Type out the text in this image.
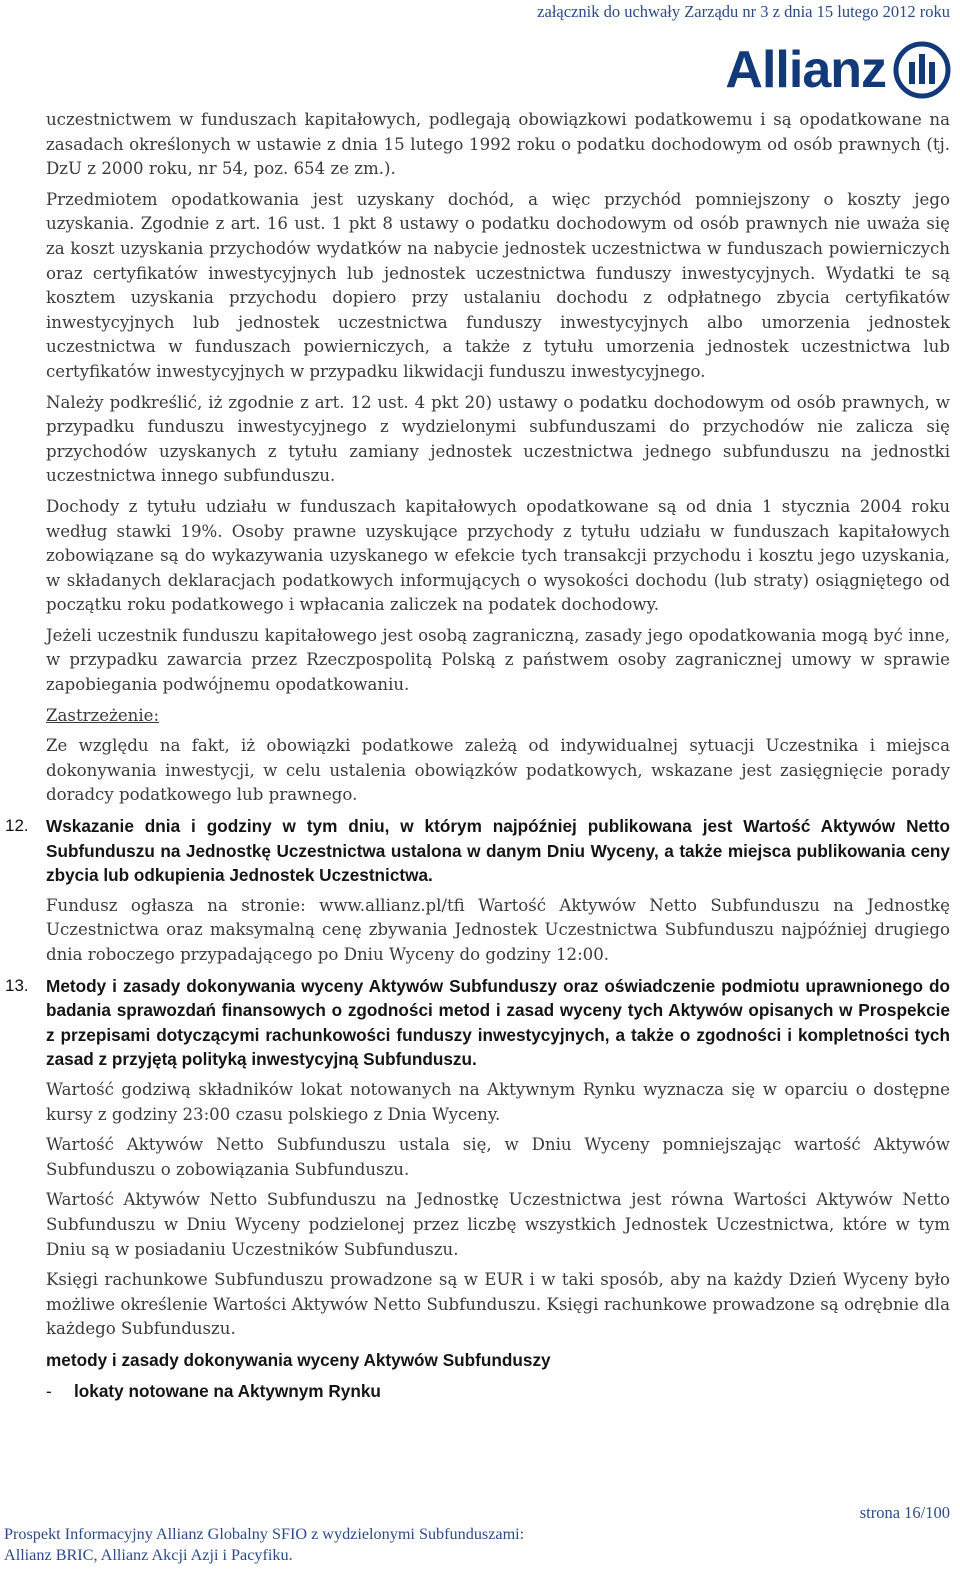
załącznik do uchwały Zarządu nr 3 z dnia 15 lutego 2012 roku
Allianz

uczestnictwem w funduszach kapitałowych, podlegają obowiązkowi podatkowemu i są opodatkowane na zasadach określonych w ustawie z dnia 15 lutego 1992 roku o podatku dochodowym od osób prawnych (tj. DzU z 2000 roku, nr 54, poz. 654 ze zm.).

Przedmiotem opodatkowania jest uzyskany dochód, a więc przychód pomniejszony o koszty jego uzyskania. Zgodnie z art. 16 ust. 1 pkt 8 ustawy o podatku dochodowym od osób prawnych nie uważa się za koszt uzyskania przychodów wydatków na nabycie jednostek uczestnictwa w funduszach powierniczych oraz certyfikatów inwestycyjnych lub jednostek uczestnictwa funduszy inwestycyjnych. Wydatki te są kosztem uzyskania przychodu dopiero przy ustalaniu dochodu z odpłatnego zbycia certyfikatów inwestycyjnych lub jednostek uczestnictwa funduszy inwestycyjnych albo umorzenia jednostek uczestnictwa w funduszach powierniczych, a także z tytułu umorzenia jednostek uczestnictwa lub certyfikatów inwestycyjnych w przypadku likwidacji funduszu inwestycyjnego.

Należy podkreślić, iż zgodnie z art. 12 ust. 4 pkt 20) ustawy o podatku dochodowym od osób prawnych, w przypadku funduszu inwestycyjnego z wydzielonymi subfunduszami do przychodów nie zalicza się przychodów uzyskanych z tytułu zamiany jednostek uczestnictwa jednego subfunduszu na jednostki uczestnictwa innego subfunduszu.

Dochody z tytułu udziału w funduszach kapitałowych opodatkowane są od dnia 1 stycznia 2004 roku według stawki 19%. Osoby prawne uzyskujące przychody z tytułu udziału w funduszach kapitałowych zobowiązane są do wykazywania uzyskanego w efekcie tych transakcji przychodu i kosztu jego uzyskania, w składanych deklaracjach podatkowych informujących o wysokości dochodu (lub straty) osiągniętego od początku roku podatkowego i wpłacania zaliczek na podatek dochodowy.

Jeżeli uczestnik funduszu kapitałowego jest osobą zagraniczną, zasady jego opodatkowania mogą być inne, w przypadku zawarcia przez Rzeczpospolitą Polską z państwem osoby zagranicznej umowy w sprawie zapobiegania podwójnemu opodatkowaniu.

Zastrzeżenie:

Ze względu na fakt, iż obowiązki podatkowe zależą od indywidualnej sytuacji Uczestnika i miejsca dokonywania inwestycji, w celu ustalenia obowiązków podatkowych, wskazane jest zasięgnięcie porady doradcy podatkowego lub prawnego.

12. Wskazanie dnia i godziny w tym dniu, w którym najpóźniej publikowana jest Wartość Aktywów Netto Subfunduszu na Jednostkę Uczestnictwa ustalona w danym Dniu Wyceny, a także miejsca publikowania ceny zbycia lub odkupienia Jednostek Uczestnictwa.

Fundusz ogłasza na stronie: www.allianz.pl/tfi Wartość Aktywów Netto Subfunduszu na Jednostkę Uczestnictwa oraz maksymalną cenę zbywania Jednostek Uczestnictwa Subfunduszu najpóźniej drugiego dnia roboczego przypadającego po Dniu Wyceny do godziny 12:00.

13. Metody i zasady dokonywania wyceny Aktywów Subfunduszy oraz oświadczenie podmiotu uprawnionego do badania sprawozdań finansowych o zgodności metod i zasad wyceny tych Aktywów opisanych w Prospekcie z przepisami dotyczącymi rachunkowości funduszy inwestycyjnych, a także o zgodności i kompletności tych zasad z przyjętą polityką inwestycyjną Subfunduszu.

Wartość godziwą składników lokat notowanych na Aktywnym Rynku wyznacza się w oparciu o dostępne kursy z godziny 23:00 czasu polskiego z Dnia Wyceny.

Wartość Aktywów Netto Subfunduszu ustala się, w Dniu Wyceny pomniejszając wartość Aktywów Subfunduszu o zobowiązania Subfunduszu.

Wartość Aktywów Netto Subfunduszu na Jednostkę Uczestnictwa jest równa Wartości Aktywów Netto Subfunduszu w Dniu Wyceny podzielonej przez liczbę wszystkich Jednostek Uczestnictwa, które w tym Dniu są w posiadaniu Uczestników Subfunduszu.

Księgi rachunkowe Subfunduszu prowadzone są w EUR i w taki sposób, aby na każdy Dzień Wyceny było możliwe określenie Wartości Aktywów Netto Subfunduszu. Księgi rachunkowe prowadzone są odrębnie dla każdego Subfunduszu.

metody i zasady dokonywania wyceny Aktywów Subfunduszy
-	lokaty notowane na Aktywnym Rynku
strona 16/100
Prospekt Informacyjny Allianz Globalny SFIO z wydzielonymi Subfunduszami:
Allianz BRIC, Allianz Akcji Azji i Pacyfiku.
